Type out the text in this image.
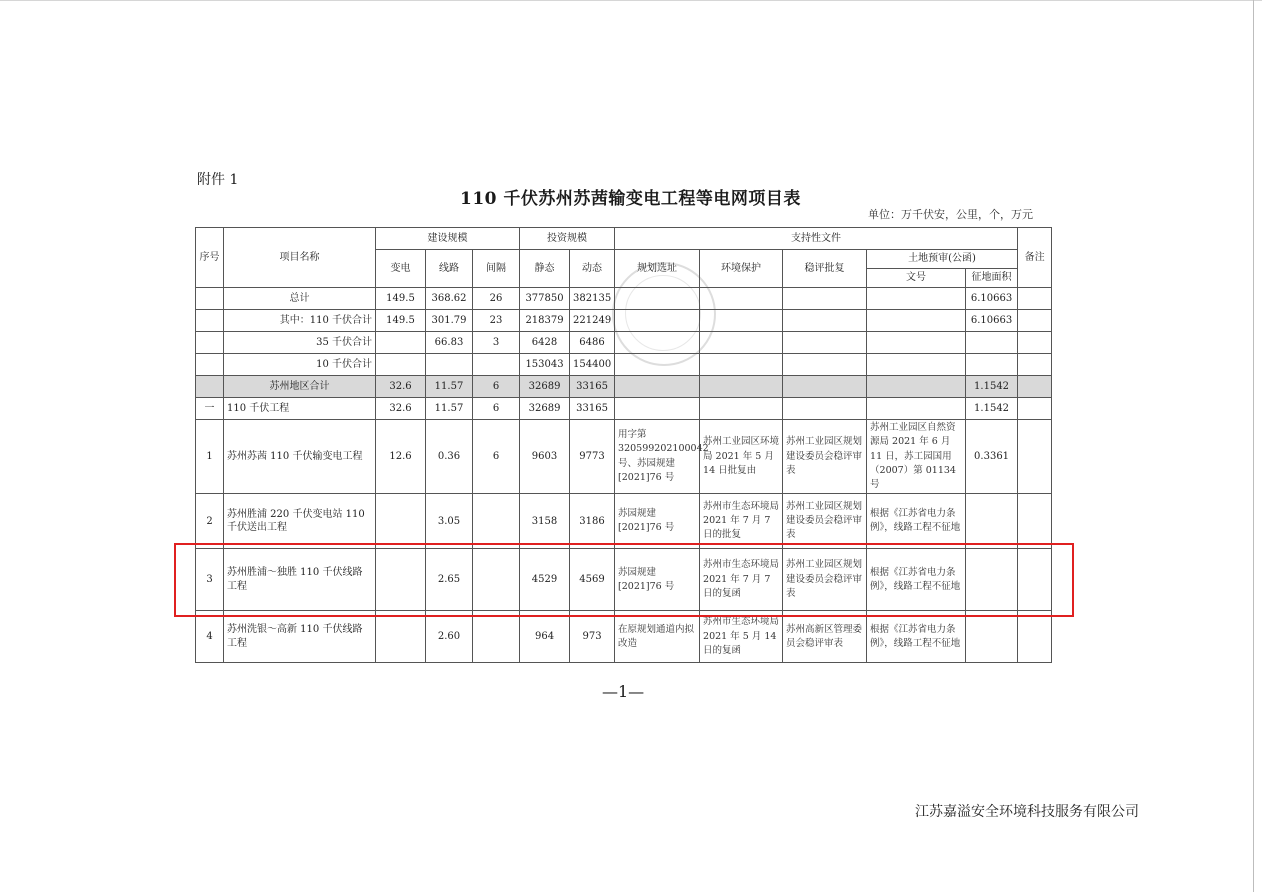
附件 1
110 千伏苏州苏茜输变电工程等电网项目表
单位：万千伏安，公里，个，万元
序号	项目名称	建设规模			投资规模		支持性文件					备注
		变电	线路	间隔	静态	动态	规划选址	环境保护	稳评批复	土地预审(公函)		
										文号	征地面积	
	总计	149.5	368.62	26	377850	382135					6.10663	
	其中：110 千伏合计	149.5	301.79	23	218379	221249					6.10663	
	35 千伏合计		66.83	3	6428	6486						
	10 千伏合计				153043	154400						
	苏州地区合计	32.6	11.57	6	32689	33165					1.1542	
一	110 千伏工程	32.6	11.57	6	32689	33165					1.1542	
1	苏州苏茜 110 千伏输变电工程	12.6	0.36	6	9603	9773	用字第 320599202100042 号、苏园规建 [2021]76 号	苏州工业园区环境局 2021 年 5 月 14 日批复由	苏州工业园区规划建设委员会稳评审表	苏州工业园区自然资源局 2021 年 6 月 11 日，苏工园国用（2007）第 01134 号	0.3361	
2	苏州胜浦 220 千伏变电站 110 千伏送出工程		3.05		3158	3186	苏园规建[2021]76 号	苏州市生态环境局 2021 年 7 月 7 日的批复	苏州工业园区规划建设委员会稳评审表	根据《江苏省电力条例》，线路工程不征地		
3	苏州胜浦～独胜 110 千伏线路工程		2.65		4529	4569	苏园规建[2021]76 号	苏州市生态环境局 2021 年 7 月 7 日的复函	苏州工业园区规划建设委员会稳评审表	根据《江苏省电力条例》，线路工程不征地		
4	苏州洗银～高新 110 千伏线路工程		2.60		964	973	在原规划通道内拟改造	苏州市生态环境局 2021 年 5 月 14 日的复函	苏州高新区管理委员会稳评审表	根据《江苏省电力条例》，线路工程不征地		
—1—
江苏嘉溢安全环境科技服务有限公司
